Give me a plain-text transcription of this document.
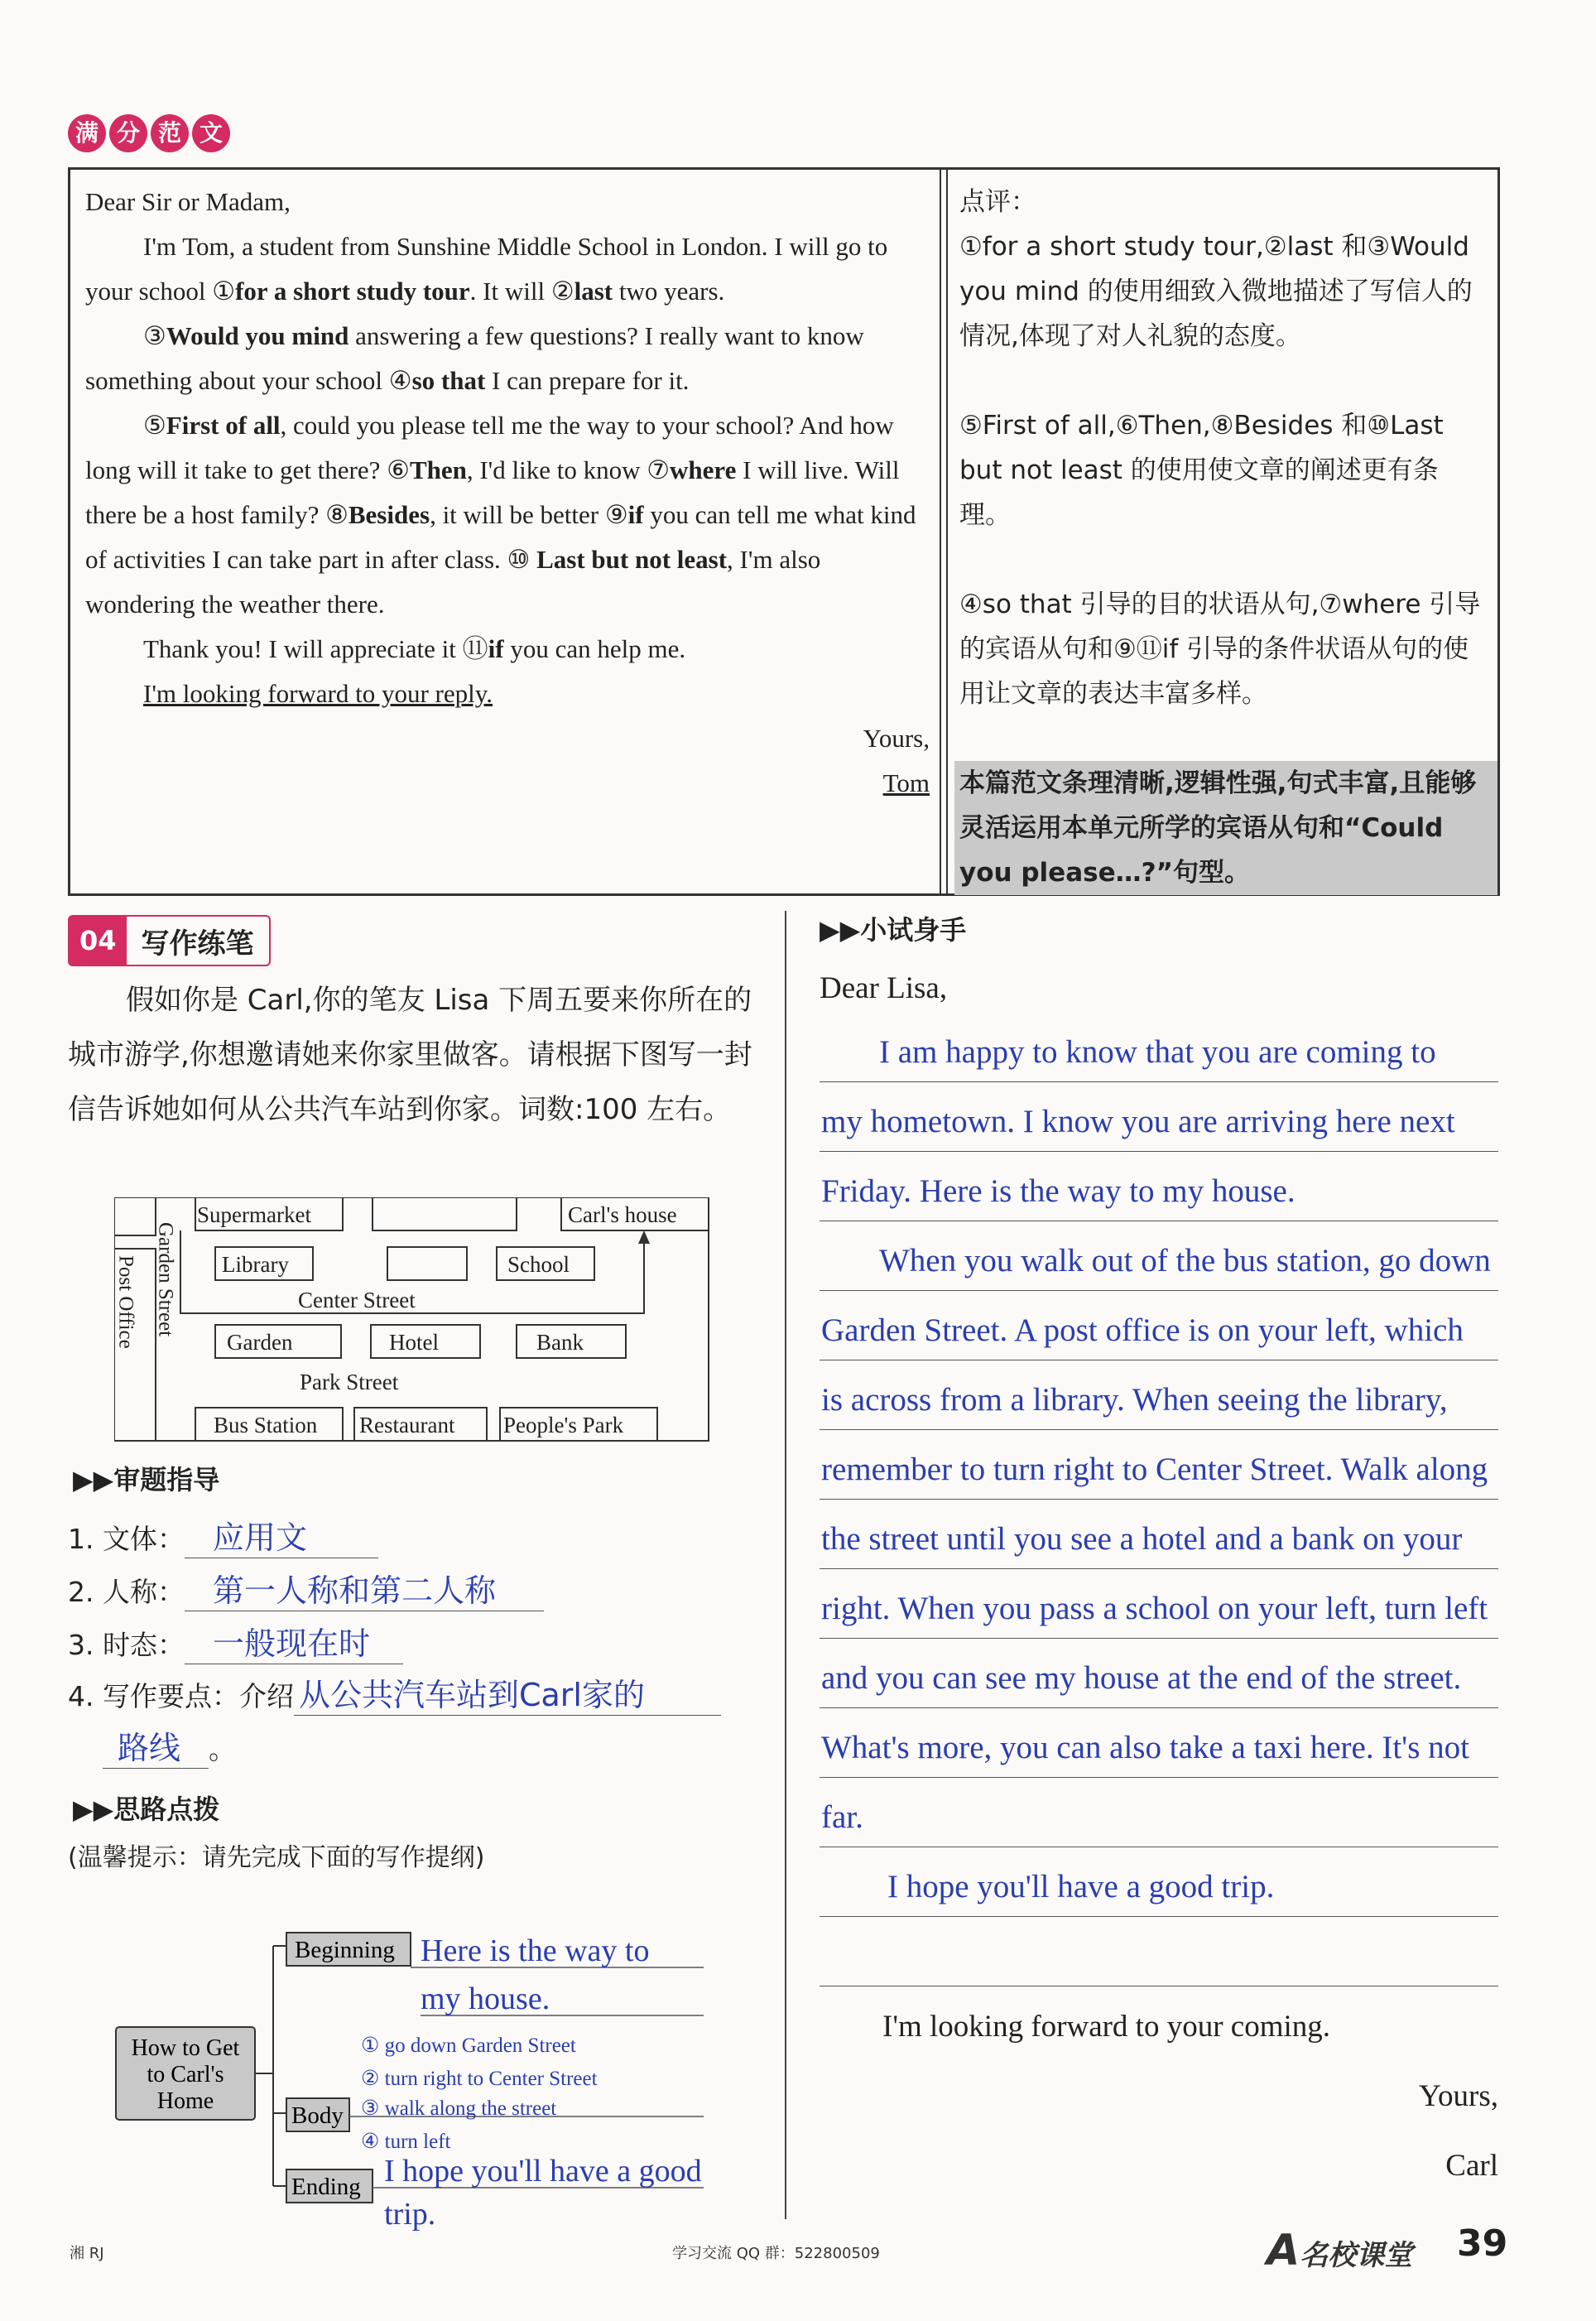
满 分 范 文

Dear Sir or Madam,

I'm Tom, a student from Sunshine Middle School in London. I will go to your school ①for a short study tour. It will ②last two years.

③Would you mind answering a few questions? I really want to know something about your school ④so that I can prepare for it.

⑤First of all, could you please tell me the way to your school? And how long will it take to get there? ⑥Then, I'd like to know ⑦where I will live. Will there be a host family? ⑧Besides, it will be better ⑨if you can tell me what kind of activities I can take part in after class. ⑩ Last but not least, I'm also wondering the weather there.

Thank you! I will appreciate it ⑪if you can help me.

I'm looking forward to your reply.

Yours,

Tom

点评：

①for a short study tour,②last 和③Would you mind 的使用细致入微地描述了写信人的情况,体现了对人礼貌的态度。

⑤First of all,⑥Then,⑧Besides 和⑩Last but not least 的使用使文章的阐述更有条理。

④so that 引导的目的状语从句,⑦where 引导的宾语从句和⑨⑪if 引导的条件状语从句的使用让文章的表达丰富多样。

本篇范文条理清晰,逻辑性强,句式丰富,且能够灵活运用本单元所学的宾语从句和“Could you please…?”句型。

04 写作练笔
假如你是 Carl,你的笔友 Lisa 下周五要来你所在的城市游学,你想邀请她来你家里做客。请根据下图写一封信告诉她如何从公共汽车站到你家。词数:100 左右。
Supermarket	Carl's house
Library	School
Center Street
Garden	Hotel	Bank
Park Street
Bus Station Restaurant People's Park
Post Office Garden Street
▶▶审题指导
1. 文体： 应用文
2. 人称： 第一人称和第二人称
3. 时态： 一般现在时
4. 写作要点：介绍 从公共汽车站到Carl家的
路线 。
▶▶思路点拨
(温馨提示：请先完成下面的写作提纲)
How to Get
to Carl's
Home
Beginning
Body
Ending
Here is the way to
my house.
① go down Garden Street
② turn right to Center Street
③ walk along the street
④ turn left
I hope you'll have a good
trip.
▶▶小试身手
Dear Lisa,
I am happy to know that you are coming to
my hometown. I know you are arriving here next
Friday. Here is the way to my house.
When you walk out of the bus station, go down
Garden Street. A post office is on your left, which
is across from a library. When seeing the library,
remember to turn right to Center Street. Walk along
the street until you see a hotel and a bank on your
right. When you pass a school on your left, turn left
and you can see my house at the end of the street.
What's more, you can also take a taxi here. It's not
far.
I hope you'll have a good trip.
I'm looking forward to your coming.
Yours,
Carl
湘 RJ	学习交流 QQ 群：522800509	A名校课堂 39
